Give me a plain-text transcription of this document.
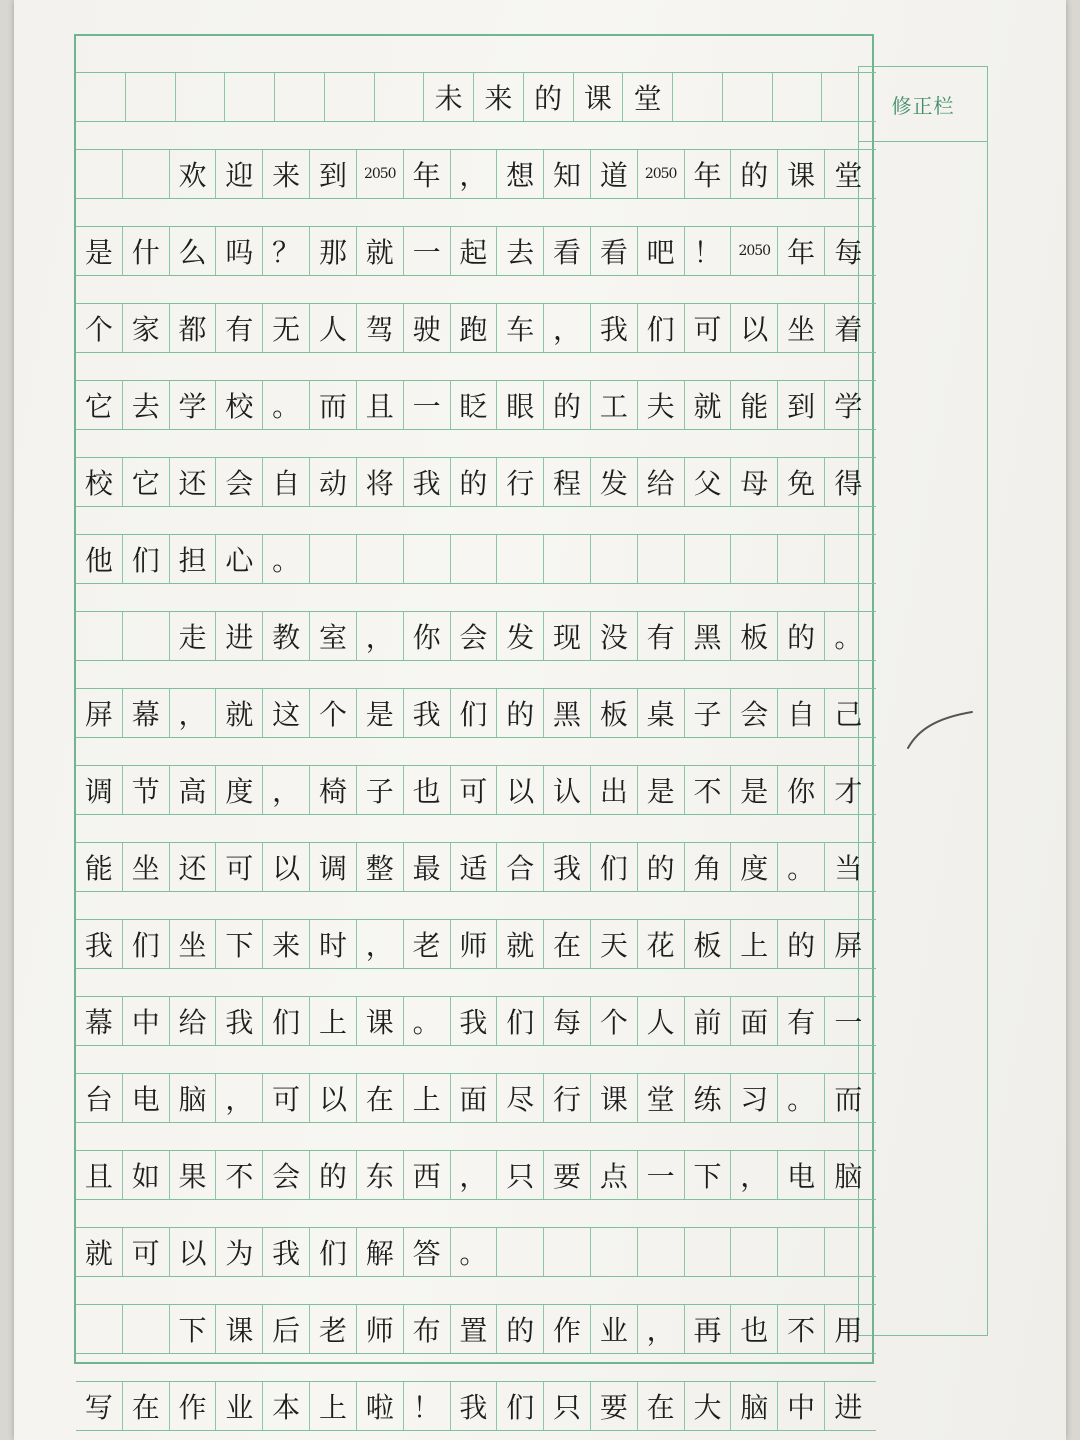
修正栏
未 来 的 课 堂
欢 迎 来 到	2050 年 ， 想 知 道	2050 年 的 课 堂
是 什 么 吗 ？ 那 就 一 起 去 看 看 吧 ！	2050 年 每
个 家 都 有 无 人 驾 驶 跑 车 ， 我 们 可 以 坐 着
它 去 学 校 。 而 且 一 眨 眼 的 工 夫 就 能 到 学
校 它 还 会 自 动 将 我 的 行 程 发 给 父 母 免 得
他 们 担 心 。
走 进 教 室 ， 你 会 发 现 没 有 黑 板 的 。
屏 幕 ， 就 这 个 是 我 们 的 黑 板 桌 子 会 自 己
调 节 高 度 ， 椅 子 也 可 以 认 出 是 不 是 你 才
能 坐 还 可 以 调 整 最 适 合 我 们 的 角 度 。 当
我 们 坐 下 来 时 ， 老 师 就 在 天 花 板 上 的 屏
幕 中 给 我 们 上 课 。 我 们 每 个 人 前 面 有 一
台 电 脑 ， 可 以 在 上 面 尽 行 课 堂 练 习 。 而
且 如 果 不 会 的 东 西 ， 只 要 点 一 下 ， 电 脑
就 可 以 为 我 们 解 答 。
下 课 后 老 师 布 置 的 作 业 ， 再 也 不 用
写 在 作 业 本 上 啦 ！ 我 们 只 要 在 大 脑 中 进
